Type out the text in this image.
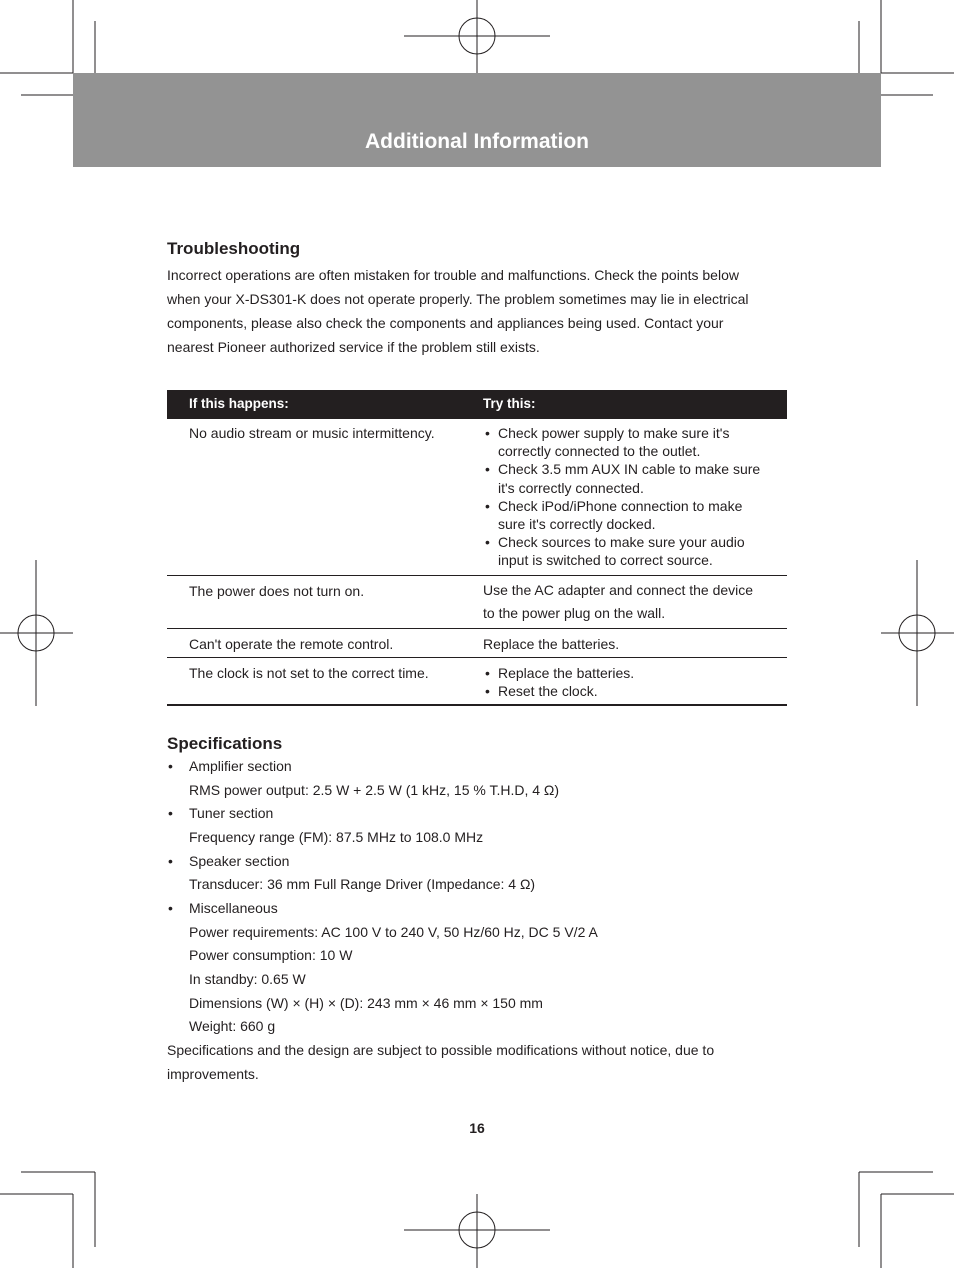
Additional Information
Troubleshooting
Incorrect operations are often mistaken for trouble and malfunctions. Check the points below
when your X-DS301-K does not operate properly. The problem sometimes may lie in electrical
components, please also check the components and appliances being used. Contact your
nearest Pioneer authorized service if the problem still exists.
If this happens:	Try this:
No audio stream or music intermittency.	• Check power supply to make sure it's
correctly connected to the outlet.
• Check 3.5 mm AUX IN cable to make sure
it's correctly connected.
• Check iPod/iPhone connection to make
sure it's correctly docked.
• Check sources to make sure your audio
input is switched to correct source.
The power does not turn on.	Use the AC adapter and connect the device
to the power plug on the wall.
Can't operate the remote control.	Replace the batteries.
The clock is not set to the correct time.	• Replace the batteries.
• Reset the clock.
Specifications
• Amplifier section
RMS power output: 2.5 W + 2.5 W (1 kHz, 15 % T.H.D, 4 Ω)
• Tuner section
Frequency range (FM): 87.5 MHz to 108.0 MHz
• Speaker section
Transducer: 36 mm Full Range Driver (Impedance: 4 Ω)
• Miscellaneous
Power requirements: AC 100 V to 240 V, 50 Hz/60 Hz, DC 5 V/2 A
Power consumption: 10 W
In standby: 0.65 W
Dimensions (W) × (H) × (D): 243 mm × 46 mm × 150 mm
Weight: 660 g
Specifications and the design are subject to possible modifications without notice, due to
improvements.
16
